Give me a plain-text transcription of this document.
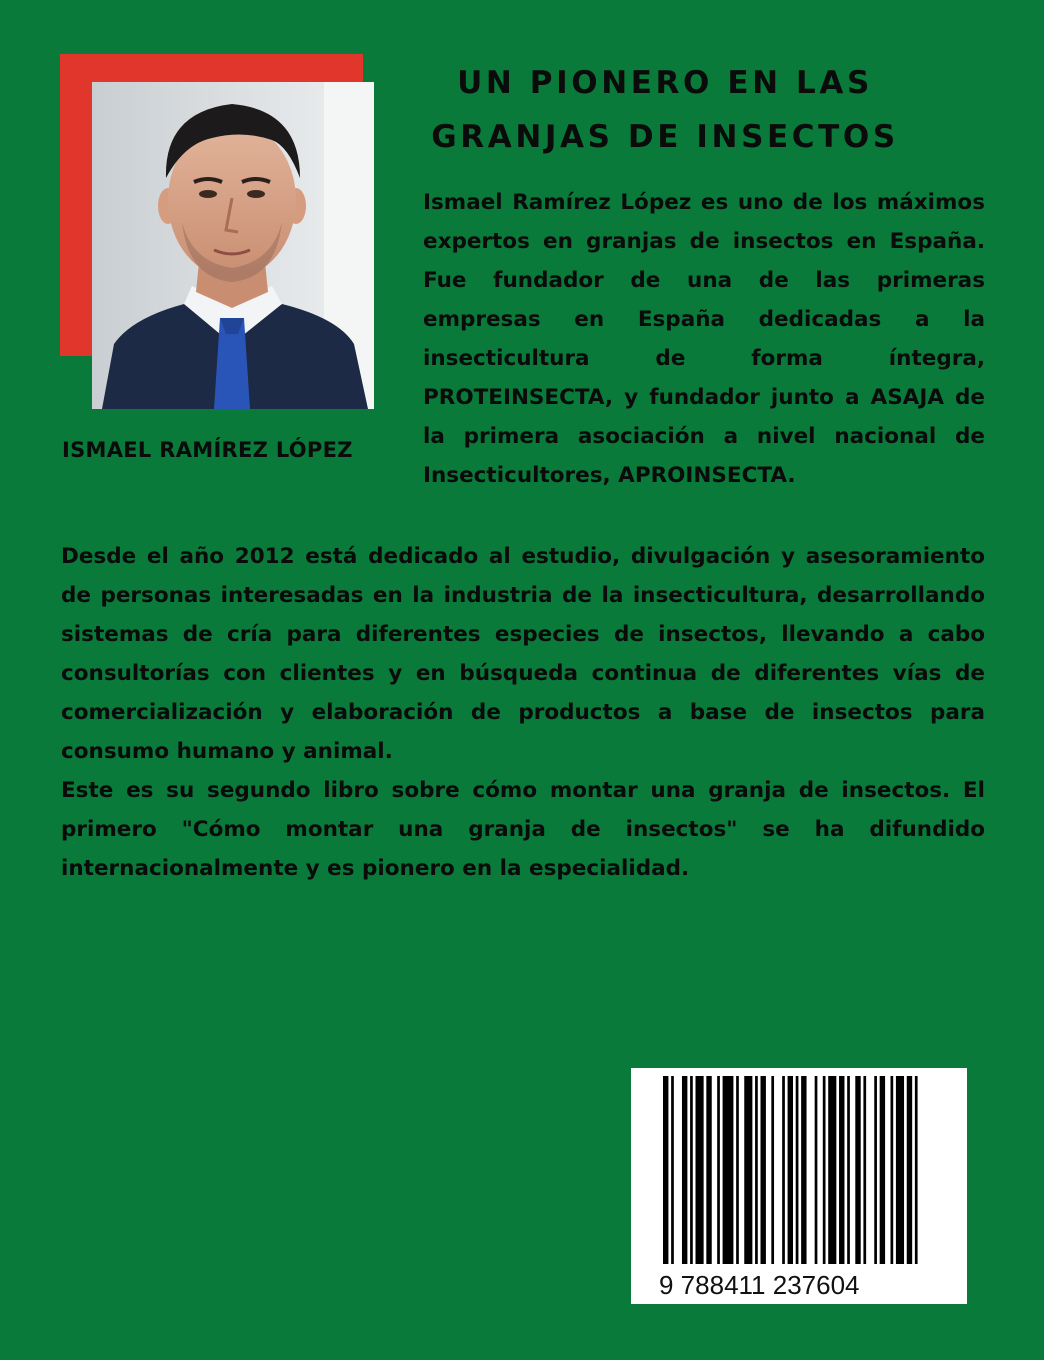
ISMAEL RAMÍREZ LÓPEZ
UN PIONERO EN LAS GRANJAS DE INSECTOS
Ismael Ramírez López es uno de los máximos expertos en granjas de insectos en España. Fue fundador de una de las primeras empresas en España dedicadas a la insecticultura de forma íntegra, PROTEINSECTA, y fundador junto a ASAJA de la primera asociación a nivel nacional de Insecticultores, APROINSECTA.

Desde el año 2012 está dedicado al estudio, divulgación y asesoramiento de personas interesadas en la industria de la insecticultura, desarrollando sistemas de cría para diferentes especies de insectos, llevando a cabo consultorías con clientes y en búsqueda continua de diferentes vías de comercialización y elaboración de productos a base de insectos para consumo humano y animal.

Este es su segundo libro sobre cómo montar una granja de insectos. El primero "Cómo montar una granja de insectos" se ha difundido internacionalmente y es pionero en la especialidad.

9 788411 237604
